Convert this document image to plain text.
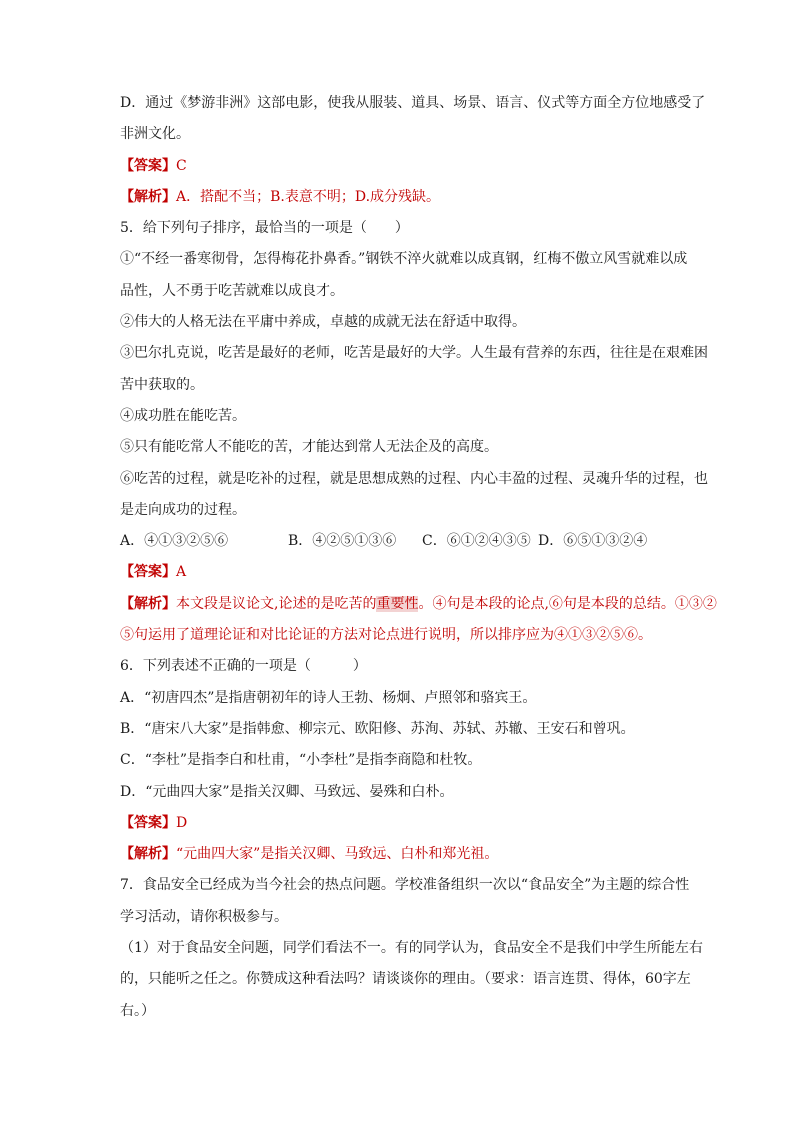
D．通过《梦游非洲》这部电影，使我从服装、道具、场景、语言、仪式等方面全方位地感受了
非洲文化。
【答案】C
【解析】A．搭配不当；B.表意不明；D.成分残缺。
5．给下列句子排序，最恰当的一项是（　　）
①“不经一番寒彻骨，怎得梅花扑鼻香。”钢铁不淬火就难以成真钢，红梅不傲立风雪就难以成
品性，人不勇于吃苦就难以成良才。
②伟大的人格无法在平庸中养成，卓越的成就无法在舒适中取得。
③巴尔扎克说，吃苦是最好的老师，吃苦是最好的大学。人生最有营养的东西，往往是在艰难困
苦中获取的。
④成功胜在能吃苦。
⑤只有能吃常人不能吃的苦，才能达到常人无法企及的高度。
⑥吃苦的过程，就是吃补的过程，就是思想成熟的过程、内心丰盈的过程、灵魂升华的过程，也
是走向成功的过程。
A．④①③②⑤⑥	B．④②⑤①③⑥ C．⑥①②④③⑤ D．⑥⑤①③②④
【答案】A
【解析】本文段是议论文,论述的是吃苦的重要性。④句是本段的论点,⑥句是本段的总结。①③②
⑤句运用了道理论证和对比论证的方法对论点进行说明，所以排序应为④①③②⑤⑥。
6．下列表述不正确的一项是（　　　）
A．“初唐四杰”是指唐朝初年的诗人王勃、杨炯、卢照邻和骆宾王。
B．“唐宋八大家”是指韩愈、柳宗元、欧阳修、苏洵、苏轼、苏辙、王安石和曾巩。
C．“李杜”是指李白和杜甫，“小李杜”是指李商隐和杜牧。
D．“元曲四大家”是指关汉卿、马致远、晏殊和白朴。
【答案】D
【解析】“元曲四大家”是指关汉卿、马致远、白朴和郑光祖。
7．食品安全已经成为当今社会的热点问题。学校准备组织一次以“食品安全”为主题的综合性
学习活动，请你积极参与。
（1）对于食品安全问题，同学们看法不一。有的同学认为，食品安全不是我们中学生所能左右
的，只能听之任之。你赞成这种看法吗？请谈谈你的理由。（要求：语言连贯、得体，60字左
右。）
